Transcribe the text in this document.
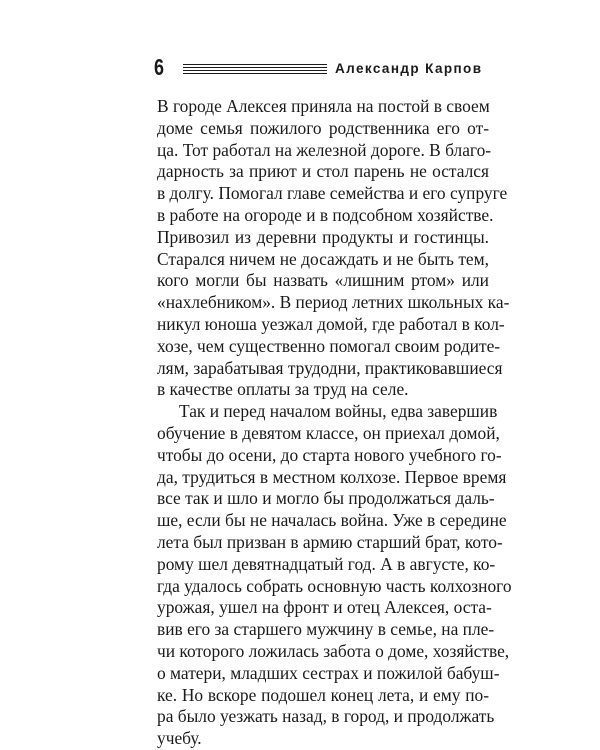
6	Александр Карпов

В городе Алексея приняла на постой в своем
доме семья пожилого родственника его от-
ца. Тот работал на железной дороге. В благо-
дарность за приют и стол парень не остался
в долгу. Помогал главе семейства и его супруге
в работе на огороде и в подсобном хозяйстве.
Привозил из деревни продукты и гостинцы.
Старался ничем не досаждать и не быть тем,
кого могли бы назвать «лишним ртом» или
«нахлебником». В период летних школьных ка-
никул юноша уезжал домой, где работал в кол-
хозе, чем существенно помогал своим родите-
лям, зарабатывая трудодни, практиковавшиеся
в качестве оплаты за труд на селе.

Так и перед началом войны, едва завершив
обучение в девятом классе, он приехал домой,
чтобы до осени, до старта нового учебного го-
да, трудиться в местном колхозе. Первое время
все так и шло и могло бы продолжаться даль-
ше, если бы не началась война. Уже в середине
лета был призван в армию старший брат, кото-
рому шел девятнадцатый год. А в августе, ко-
гда удалось собрать основную часть колхозного
урожая, ушел на фронт и отец Алексея, оста-
вив его за старшего мужчину в семье, на пле-
чи которого ложилась забота о доме, хозяйстве,
о матери, младших сестрах и пожилой бабуш-
ке. Но вскоре подошел конец лета, и ему по-
ра было уезжать назад, в город, и продолжать
учебу.
